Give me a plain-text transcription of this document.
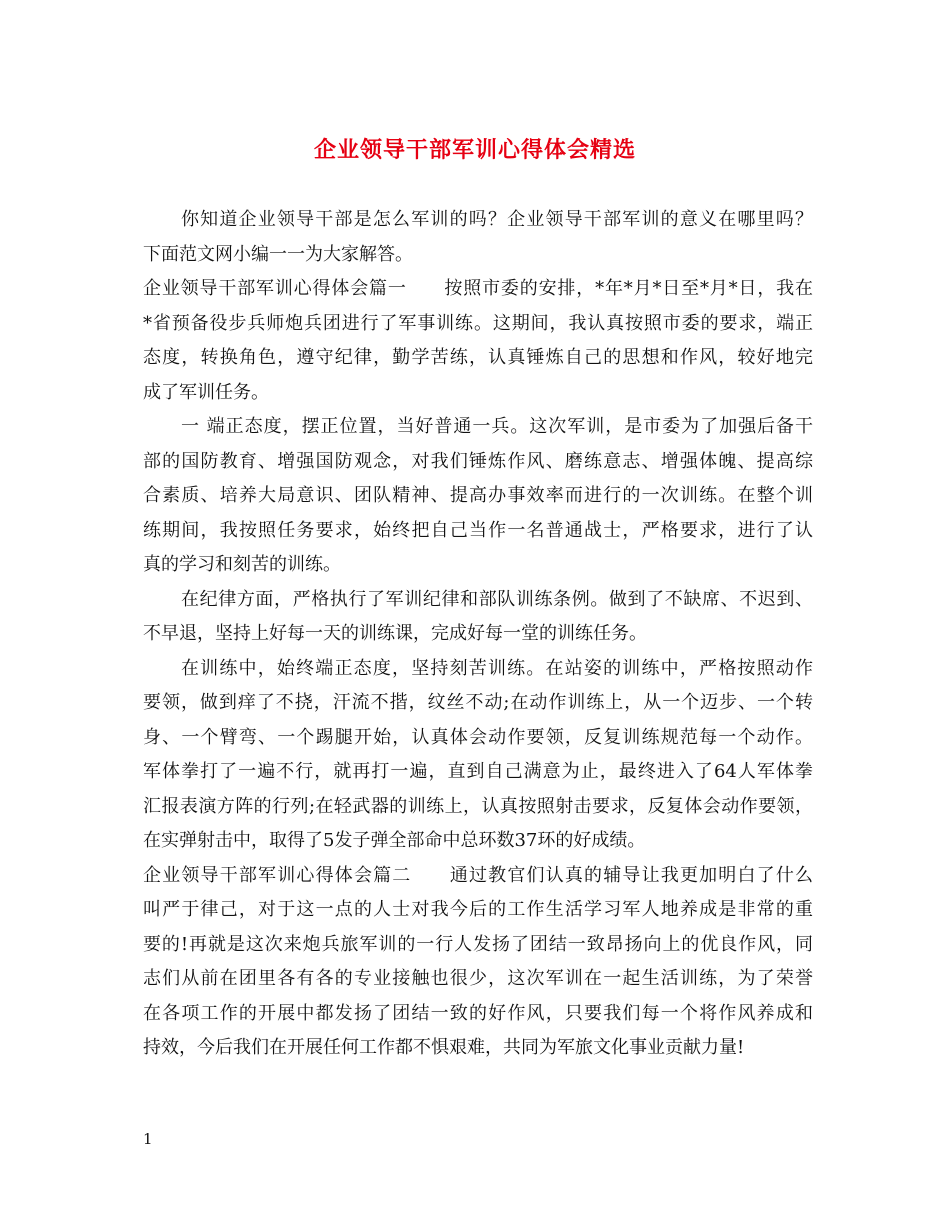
企业领导干部军训心得体会精选
你知道企业领导干部是怎么军训的吗？企业领导干部军训的意义在哪里吗？
下面范文网小编一一为大家解答。
企业领导干部军训心得体会篇一　　按照市委的安排，*年*月*日至*月*日，我在
*省预备役步兵师炮兵团进行了军事训练。这期间，我认真按照市委的要求，端正
态度，转换角色，遵守纪律，勤学苦练，认真锤炼自己的思想和作风，较好地完
成了军训任务。
一 端正态度，摆正位置，当好普通一兵。这次军训，是市委为了加强后备干
部的国防教育、增强国防观念，对我们锤炼作风、磨练意志、增强体魄、提高综
合素质、培养大局意识、团队精神、提高办事效率而进行的一次训练。在整个训
练期间，我按照任务要求，始终把自己当作一名普通战士，严格要求，进行了认
真的学习和刻苦的训练。
在纪律方面，严格执行了军训纪律和部队训练条例。做到了不缺席、不迟到、
不早退，坚持上好每一天的训练课，完成好每一堂的训练任务。
在训练中，始终端正态度，坚持刻苦训练。在站姿的训练中，严格按照动作
要领，做到痒了不挠，汗流不揩，纹丝不动;在动作训练上，从一个迈步、一个转
身、一个臂弯、一个踢腿开始，认真体会动作要领，反复训练规范每一个动作。
军体拳打了一遍不行，就再打一遍，直到自己满意为止，最终进入了64人军体拳
汇报表演方阵的行列;在轻武器的训练上，认真按照射击要求，反复体会动作要领，
在实弹射击中，取得了5发子弹全部命中总环数37环的好成绩。
企业领导干部军训心得体会篇二　　通过教官们认真的辅导让我更加明白了什么
叫严于律己，对于这一点的人士对我今后的工作生活学习军人地养成是非常的重
要的!再就是这次来炮兵旅军训的一行人发扬了团结一致昂扬向上的优良作风，同
志们从前在团里各有各的专业接触也很少，这次军训在一起生活训练，为了荣誉
在各项工作的开展中都发扬了团结一致的好作风，只要我们每一个将作风养成和
持效，今后我们在开展任何工作都不惧艰难，共同为军旅文化事业贡献力量!
1
